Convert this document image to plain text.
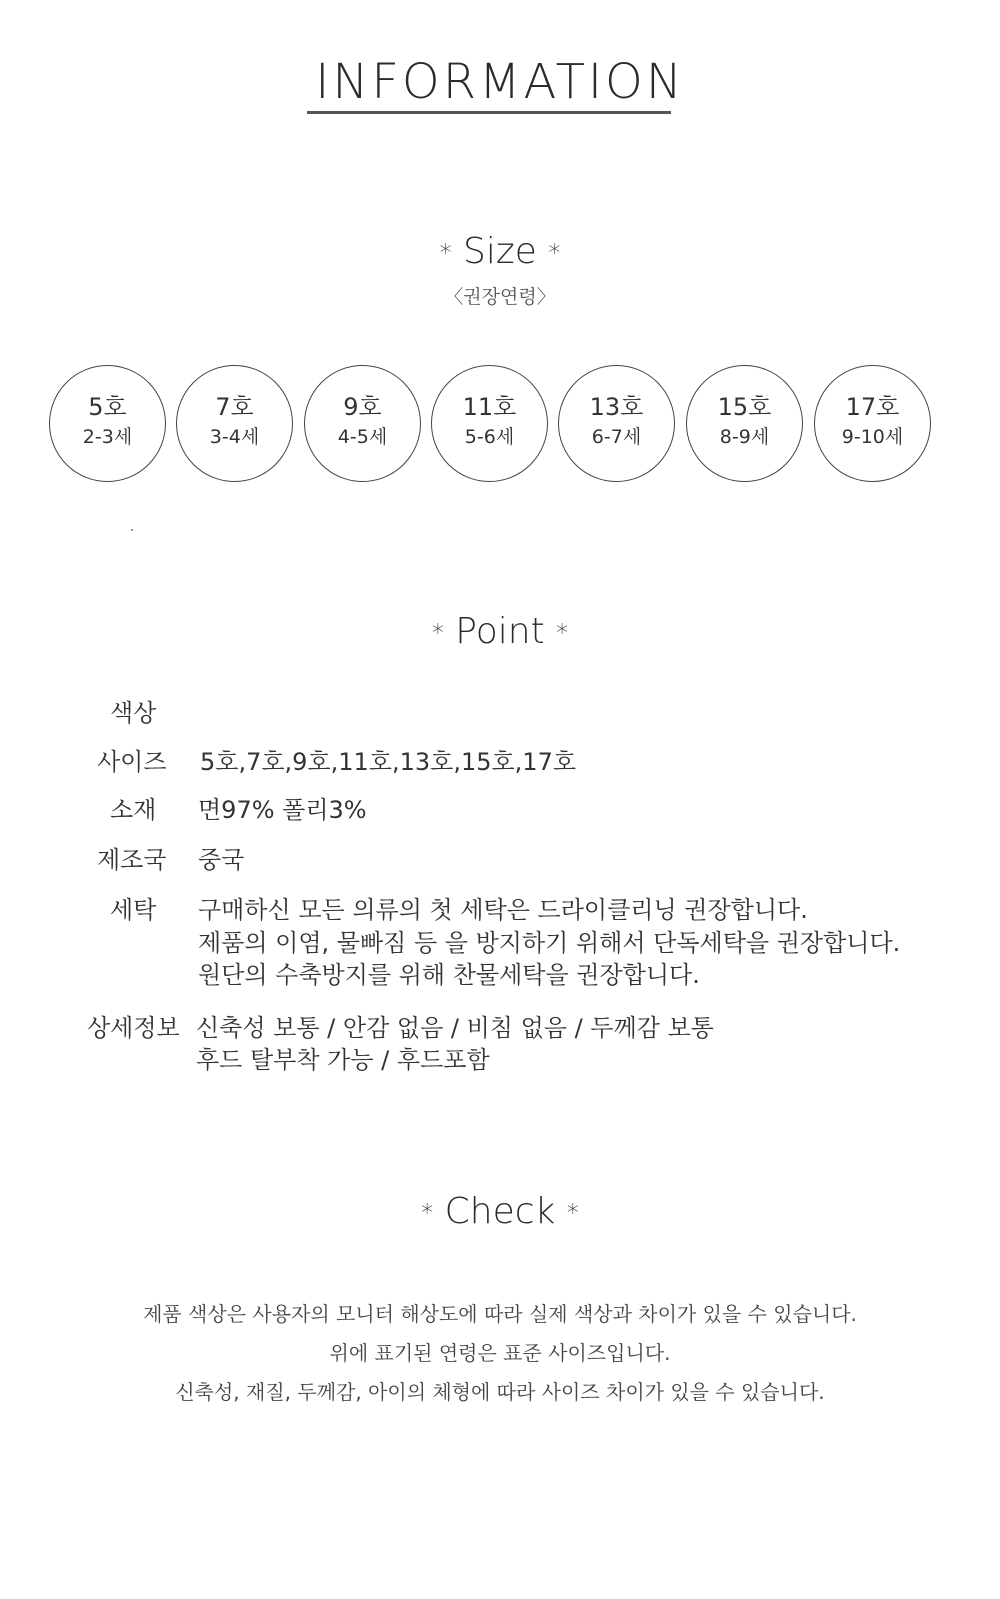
INFORMATION
* Size *
〈권장연령〉
5호
2-3세
7호
3-4세
9호
4-5세
11호
5-6세
13호
6-7세
15호
8-9세
17호
9-10세
* Point *
색상
사이즈 5호,7호,9호,11호,13호,15호,17호
소재 면97% 폴리3%
제조국 중국
세탁 구매하신 모든 의류의 첫 세탁은 드라이클리닝 권장합니다.
제품의 이염, 물빠짐 등 을 방지하기 위해서 단독세탁을 권장합니다.
원단의 수축방지를 위해 찬물세탁을 권장합니다.
상세정보 신축성 보통 / 안감 없음 / 비침 없음 / 두께감 보통
후드 탈부착 가능 / 후드포함
* Check *
제품 색상은 사용자의 모니터 해상도에 따라 실제 색상과 차이가 있을 수 있습니다.
위에 표기된 연령은 표준 사이즈입니다.
신축성, 재질, 두께감, 아이의 체형에 따라 사이즈 차이가 있을 수 있습니다.
